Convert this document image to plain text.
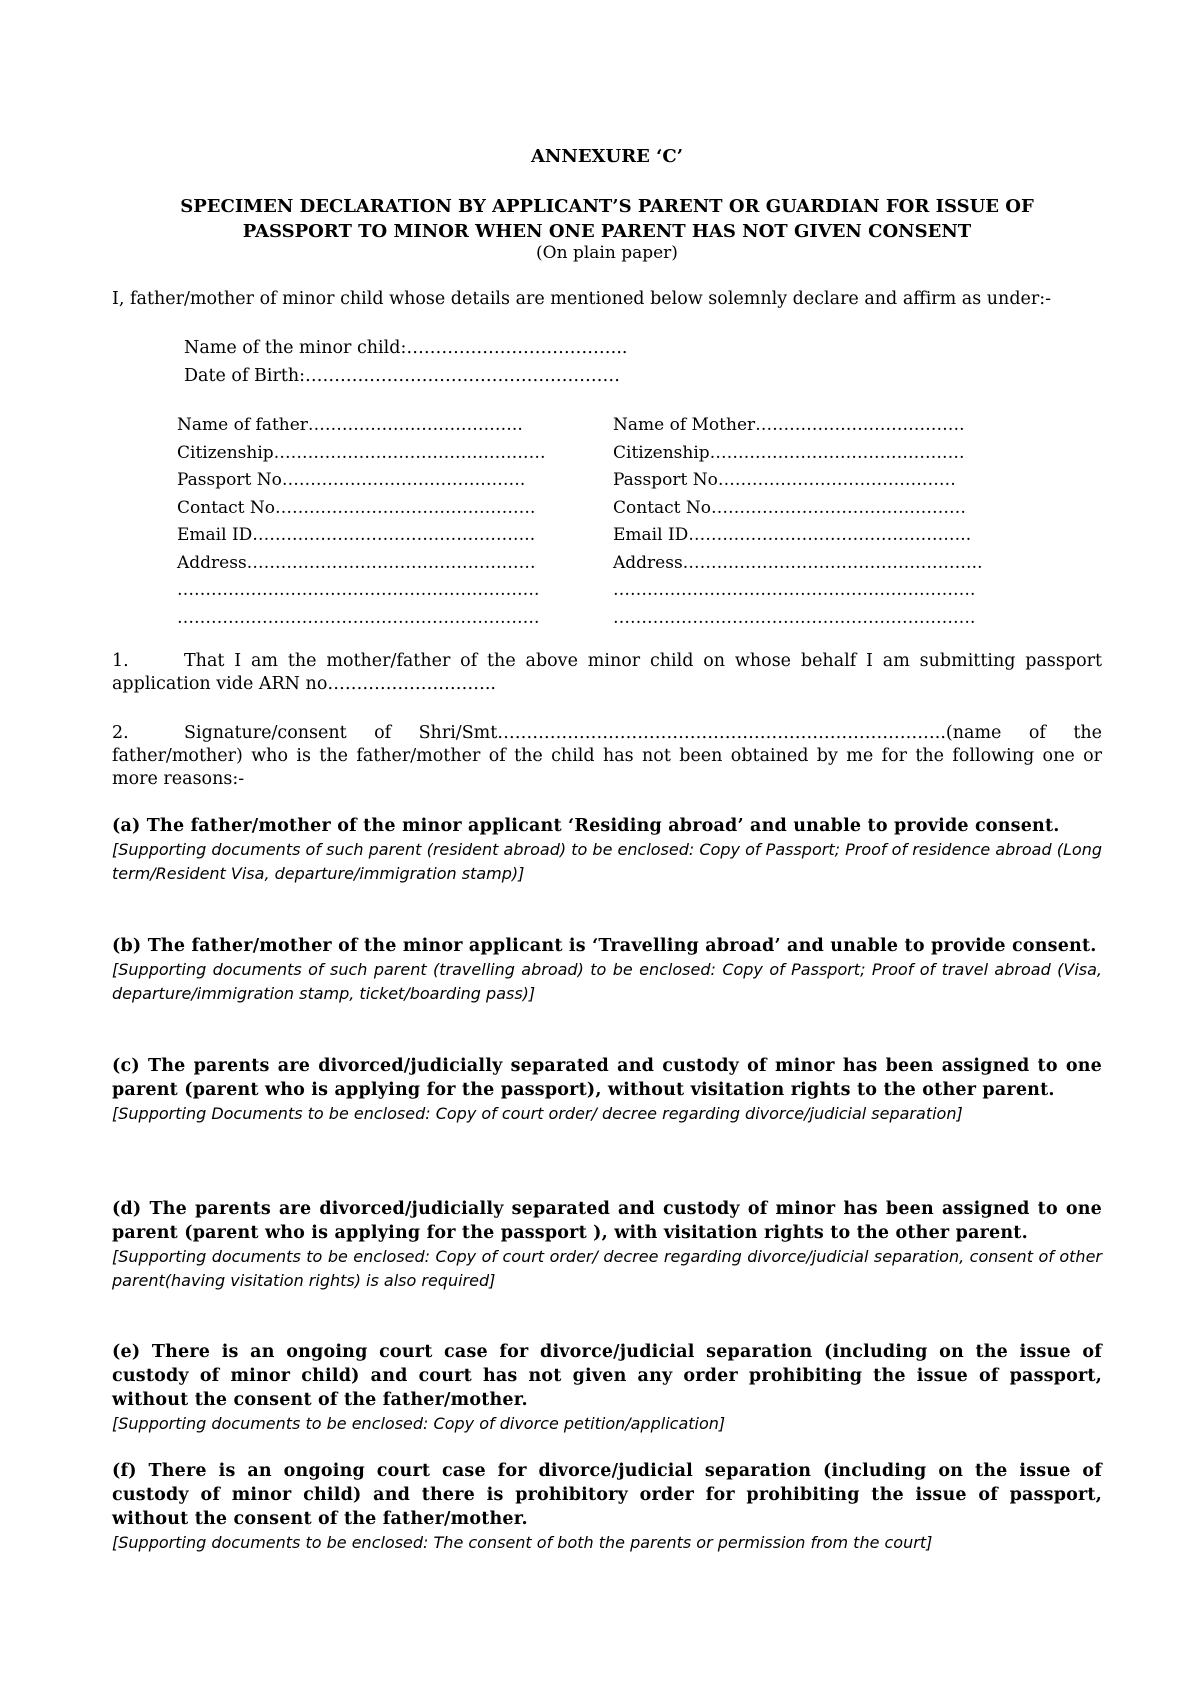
ANNEXURE ‘C’
SPECIMEN DECLARATION BY APPLICANT’S PARENT OR GUARDIAN FOR ISSUE OF
PASSPORT TO MINOR WHEN ONE PARENT HAS NOT GIVEN CONSENT
(On plain paper)
I, father/mother of minor child whose details are mentioned below solemnly declare and affirm as under:-
Name of the minor child:………………………………..
Date of Birth:………………………………………………
Name of father………………………………..
Citizenship…………………………………………
Passport No…………………………………….
Contact No……………………………………….
Email ID…………………………………………..
Address……………………………………………
……………………………………………………….
……………………………………………………….
Name of Mother……………………………….
Citizenship………………………………………
Passport No……………………………………
Contact No………………………………………
Email ID…………………………………………..
Address……………………………………………..
……………………………………………………….
……………………………………………………….
1.	That I am the mother/father of the above minor child on whose behalf I am submitting passport application vide ARN no………………………..
2.	Signature/consent of Shri/Smt…………………………………………………………………..(name of the father/mother) who is the father/mother of the child has not been obtained by me for the following one or more reasons:-
(a) The father/mother of the minor applicant ‘Residing abroad’ and unable to provide consent.
[Supporting documents of such parent (resident abroad) to be enclosed: Copy of Passport; Proof of residence abroad (Long term/Resident Visa, departure/immigration stamp)]
(b) The father/mother of the minor applicant is ‘Travelling abroad’ and unable to provide consent.
[Supporting documents of such parent (travelling abroad) to be enclosed: Copy of Passport; Proof of travel abroad (Visa, departure/immigration stamp, ticket/boarding pass)]
(c) The parents are divorced/judicially separated and custody of minor has been assigned to one parent (parent who is applying for the passport), without visitation rights to the other parent.
[Supporting Documents to be enclosed: Copy of court order/ decree regarding divorce/judicial separation]
(d) The parents are divorced/judicially separated and custody of minor has been assigned to one parent (parent who is applying for the passport ), with visitation rights to the other parent.
[Supporting documents to be enclosed: Copy of court order/ decree regarding divorce/judicial separation, consent of other parent(having visitation rights) is also required]
(e) There is an ongoing court case for divorce/judicial separation (including on the issue of custody of minor child) and court has not given any order prohibiting the issue of passport, without the consent of the father/mother.
[Supporting documents to be enclosed: Copy of divorce petition/application]
(f) There is an ongoing court case for divorce/judicial separation (including on the issue of custody of minor child) and there is prohibitory order for prohibiting the issue of passport, without the consent of the father/mother.
[Supporting documents to be enclosed: The consent of both the parents or permission from the court]
